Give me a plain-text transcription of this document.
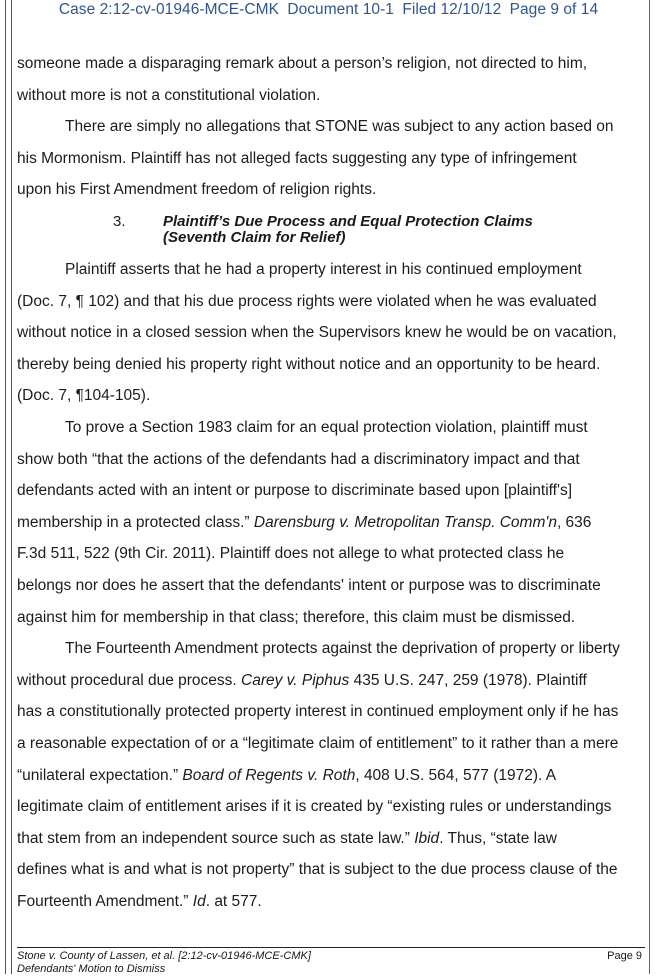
Case 2:12-cv-01946-MCE-CMK Document 10-1 Filed 12/10/12 Page 9 of 14
someone made a disparaging remark about a person’s religion, not directed to him,
without more is not a constitutional violation.
There are simply no allegations that STONE was subject to any action based on
his Mormonism. Plaintiff has not alleged facts suggesting any type of infringement
upon his First Amendment freedom of religion rights.
3. Plaintiff’s Due Process and Equal Protection Claims
(Seventh Claim for Relief)
Plaintiff asserts that he had a property interest in his continued employment
(Doc. 7, ¶ 102) and that his due process rights were violated when he was evaluated
without notice in a closed session when the Supervisors knew he would be on vacation,
thereby being denied his property right without notice and an opportunity to be heard.
(Doc. 7, ¶104-105).
To prove a Section 1983 claim for an equal protection violation, plaintiff must
show both “that the actions of the defendants had a discriminatory impact and that
defendants acted with an intent or purpose to discriminate based upon [plaintiff's]
membership in a protected class.” Darensburg v. Metropolitan Transp. Comm'n, 636
F.3d 511, 522 (9th Cir. 2011). Plaintiff does not allege to what protected class he
belongs nor does he assert that the defendants' intent or purpose was to discriminate
against him for membership in that class; therefore, this claim must be dismissed.
The Fourteenth Amendment protects against the deprivation of property or liberty
without procedural due process. Carey v. Piphus 435 U.S. 247, 259 (1978). Plaintiff
has a constitutionally protected property interest in continued employment only if he has
a reasonable expectation of or a “legitimate claim of entitlement” to it rather than a mere
“unilateral expectation.” Board of Regents v. Roth, 408 U.S. 564, 577 (1972). A
legitimate claim of entitlement arises if it is created by “existing rules or understandings
that stem from an independent source such as state law.” Ibid. Thus, “state law
defines what is and what is not property” that is subject to the due process clause of the
Fourteenth Amendment.” Id. at 577.
Stone v. County of Lassen, et al. [2:12-cv-01946-MCE-CMK]
Defendants' Motion to Dismiss
Page 9
